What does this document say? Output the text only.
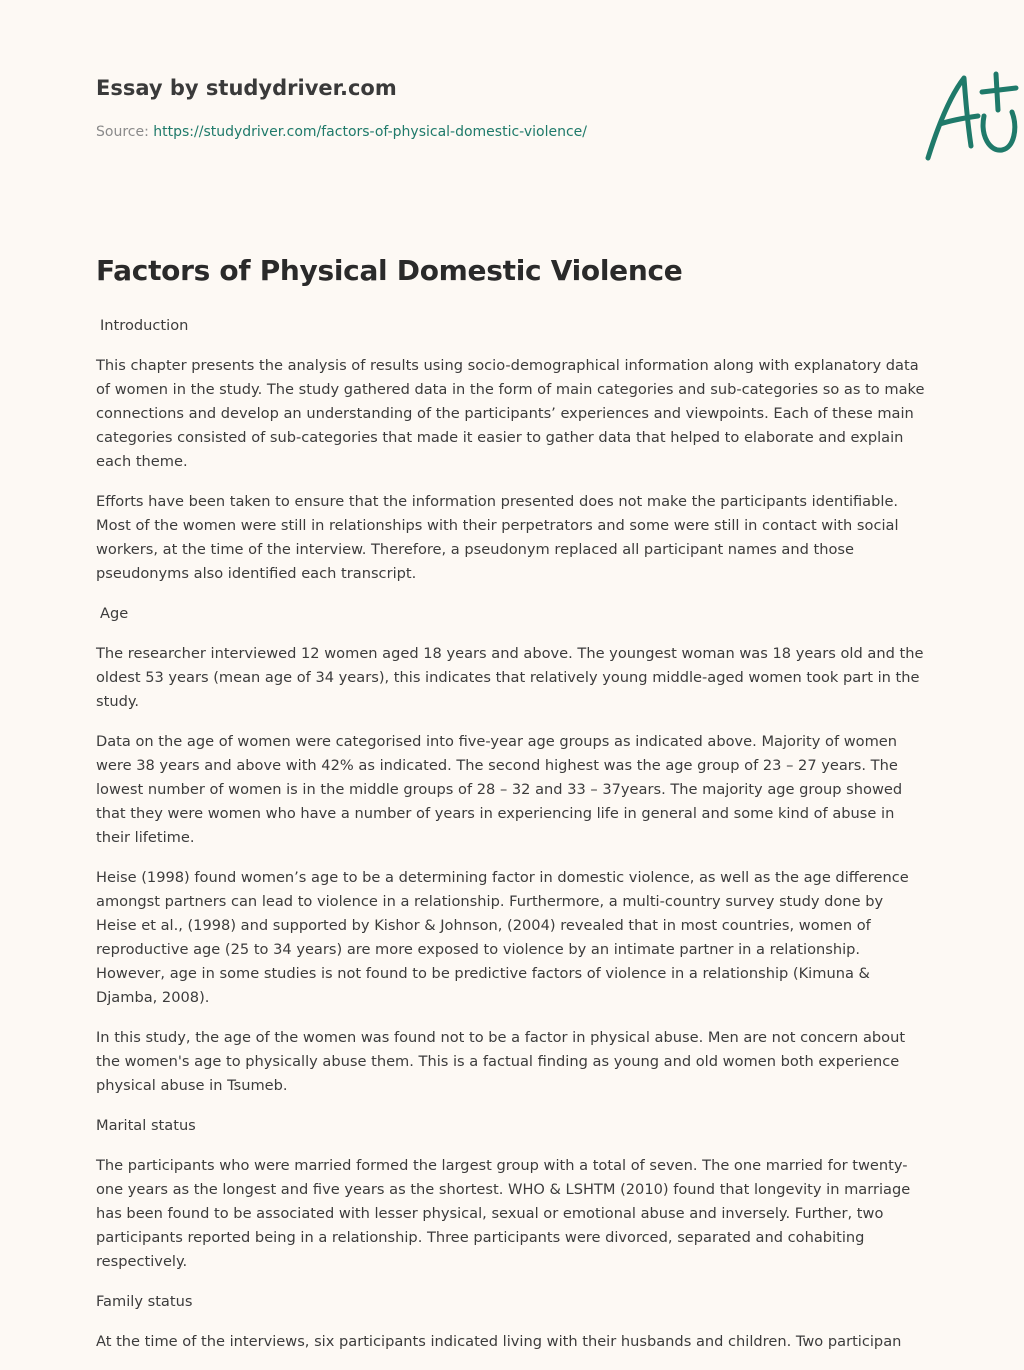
Essay by studydriver.com
Source: https://studydriver.com/factors-of-physical-domestic-violence/
Factors of Physical Domestic Violence
Introduction

This chapter presents the analysis of results using socio-demographical information along with explanatory data of women in the study. The study gathered data in the form of main categories and sub-categories so as to make connections and develop an understanding of the participants’ experiences and viewpoints. Each of these main categories consisted of sub-categories that made it easier to gather data that helped to elaborate and explain each theme.

Efforts have been taken to ensure that the information presented does not make the participants identifiable. Most of the women were still in relationships with their perpetrators and some were still in contact with social workers, at the time of the interview. Therefore, a pseudonym replaced all participant names and those pseudonyms also identified each transcript.

Age

The researcher interviewed 12 women aged 18 years and above. The youngest woman was 18 years old and the oldest 53 years (mean age of 34 years), this indicates that relatively young middle-aged women took part in the study.

Data on the age of women were categorised into five-year age groups as indicated above. Majority of women were 38 years and above with 42% as indicated. The second highest was the age group of 23 – 27 years. The lowest number of women is in the middle groups of 28 – 32 and 33 – 37years. The majority age group showed that they were women who have a number of years in experiencing life in general and some kind of abuse in their lifetime.

Heise (1998) found women’s age to be a determining factor in domestic violence, as well as the age difference amongst partners can lead to violence in a relationship. Furthermore, a multi-country survey study done by Heise et al., (1998) and supported by Kishor & Johnson, (2004) revealed that in most countries, women of reproductive age (25 to 34 years) are more exposed to violence by an intimate partner in a relationship. However, age in some studies is not found to be predictive factors of violence in a relationship (Kimuna & Djamba, 2008).

In this study, the age of the women was found not to be a factor in physical abuse. Men are not concern about the women's age to physically abuse them. This is a factual finding as young and old women both experience physical abuse in Tsumeb.

Marital status

The participants who were married formed the largest group with a total of seven. The one married for twenty-one years as the longest and five years as the shortest. WHO & LSHTM (2010) found that longevity in marriage has been found to be associated with lesser physical, sexual or emotional abuse and inversely. Further, two participants reported being in a relationship. Three participants were divorced, separated and cohabiting respectively.

Family status

At the time of the interviews, six participants indicated living with their husbands and children. Two participan
